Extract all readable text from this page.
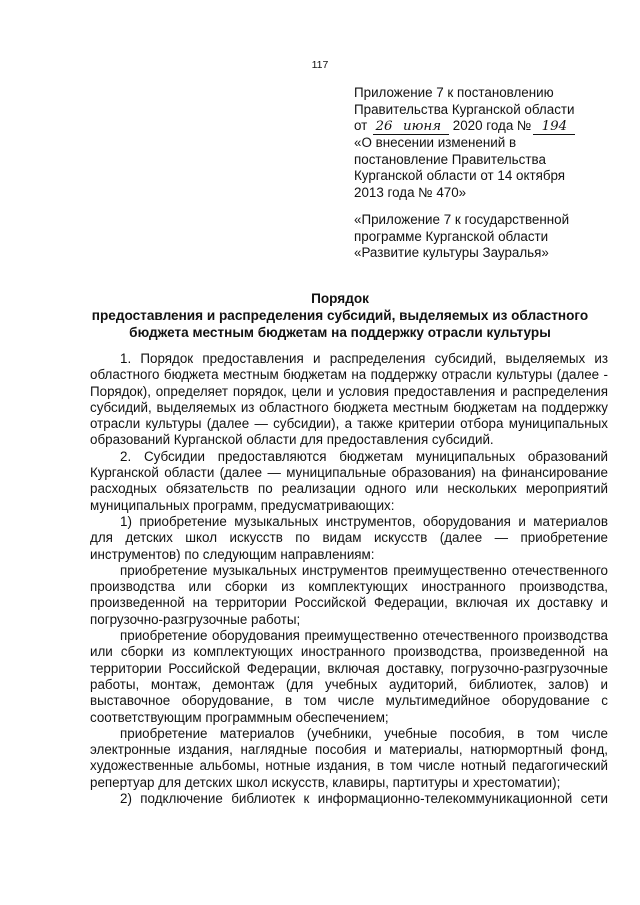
117

Приложение 7 к постановлению

Правительства Курганской области

от 26 июня 2020 года № 194

«О внесении изменений в

постановление Правительства

Курганской области от 14 октября

2013 года № 470»

«Приложение 7 к государственной

программе Курганской области

«Развитие культуры Зауралья»

Порядок
предоставления и распределения субсидий, выделяемых из областного
бюджета местным бюджетам на поддержку отрасли культуры

1. Порядок предоставления и распределения субсидий, выделяемых из областного бюджета местным бюджетам на поддержку отрасли культуры (далее - Порядок), определяет порядок, цели и условия предоставления и распределения субсидий, выделяемых из областного бюджета местным бюджетам на поддержку отрасли культуры (далее — субсидии), а также критерии отбора муниципальных образований Курганской области для предоставления субсидий.

2. Субсидии предоставляются бюджетам муниципальных образований Курганской области (далее — муниципальные образования) на финансирование расходных обязательств по реализации одного или нескольких мероприятий муниципальных программ, предусматривающих:

1) приобретение музыкальных инструментов, оборудования и материалов для детских школ искусств по видам искусств (далее — приобретение инструментов) по следующим направлениям:

приобретение музыкальных инструментов преимущественно отечественного производства или сборки из комплектующих иностранного производства, произведенной на территории Российской Федерации, включая их доставку и погрузочно-разгрузочные работы;

приобретение оборудования преимущественно отечественного производства или сборки из комплектующих иностранного производства, произведенной на территории Российской Федерации, включая доставку, погрузочно-разгрузочные работы, монтаж, демонтаж (для учебных аудиторий, библиотек, залов) и выставочное оборудование, в том числе мультимедийное оборудование с соответствующим программным обеспечением;

приобретение материалов (учебники, учебные пособия, в том числе электронные издания, наглядные пособия и материалы, натюрмортный фонд, художественные альбомы, нотные издания, в том числе нотный педагогический репертуар для детских школ искусств, клавиры, партитуры и хрестоматии);

2) подключение библиотек к информационно-телекоммуникационной сети
